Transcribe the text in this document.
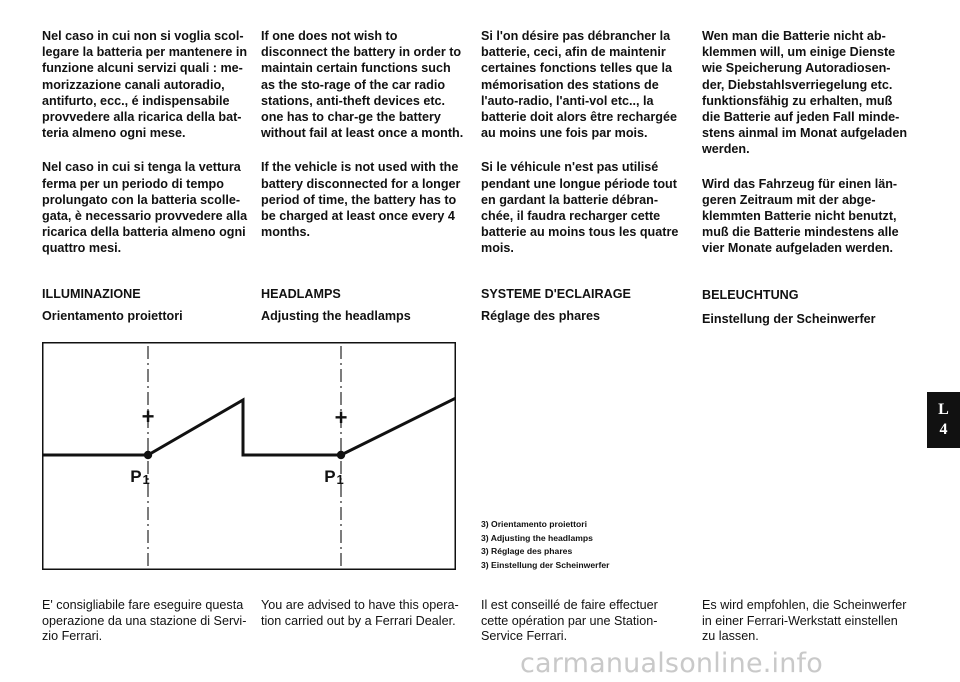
Nel caso in cui non si voglia scol-legare la batteria per mantenere in funzione alcuni servizi quali : me-morizzazione canali autoradio, antifurto, ecc., é indispensabile provvedere alla ricarica della bat-teria almeno ogni mese.

Nel caso in cui si tenga la vettura ferma per un periodo di tempo prolungato con la batteria scolle-gata, è necessario provvedere alla ricarica della batteria almeno ogni quattro mesi.

If one does not wish to disconnect the battery in order to maintain certain functions such as the sto-rage of the car radio stations, anti-theft devices etc. one has to char-ge the battery without fail at least once a month.

If the vehicle is not used with the battery disconnected for a longer period of time, the battery has to be charged at least once every 4 months.

Si l'on désire pas débrancher la batterie, ceci, afin de maintenir certaines fonctions telles que la mémorisation des stations de l'auto-radio, l'anti-vol etc.., la batterie doit alors être rechargée au moins une fois par mois.

Si le véhicule n'est pas utilisé pendant une longue période tout en gardant la batterie débran-chée, il faudra recharger cette batterie au moins tous les quatre mois.

Wen man die Batterie nicht ab-klemmen will, um einige Dienste wie Speicherung Autoradiosen-der, Diebstahlsverriegelung etc. funktionsfähig zu erhalten, muß die Batterie auf jeden Fall minde-stens ainmal im Monat aufgeladen werden.

Wird das Fahrzeug für einen län-geren Zeitraum mit der abge-klemmten Batterie nicht benutzt, muß die Batterie mindestens alle vier Monate aufgeladen werden.

ILLUMINAZIONE	HEADLAMPS	SYSTEME D'ECLAIRAGE	BELEUCHTUNG
Orientamento proiettori	Adjusting the headlamps	Réglage des phares	Einstellung der Scheinwerfer
+	+
P1	P1
3) Orientamento proiettori
3) Adjusting the headlamps
3) Réglage des phares
3) Einstellung der Scheinwerfer
E' consigliabile fare eseguire questa operazione da una stazione di Servi-zio Ferrari.
You are advised to have this opera-tion carried out by a Ferrari Dealer.
Il est conseillé de faire effectuer cette opération par une Station-Service Ferrari.
Es wird empfohlen, die Scheinwerfer in einer Ferrari-Werkstatt einstellen zu lassen.
L
4
carmanualsonline.info
